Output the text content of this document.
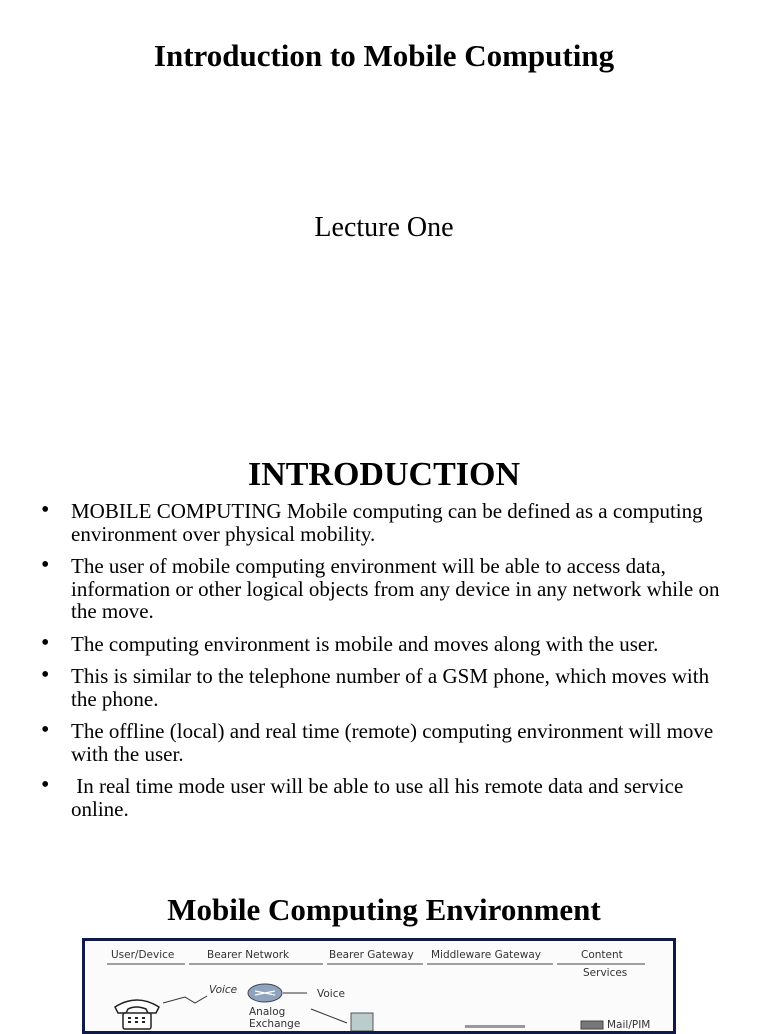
Introduction to Mobile Computing
Lecture One
INTRODUCTION
• MOBILE COMPUTING Mobile computing can be defined as a computing environment over physical mobility.
• The user of mobile computing environment will be able to access data, information or other logical objects from any device in any network while on the move.
• The computing environment is mobile and moves along with the user.
• This is similar to the telephone number of a GSM phone, which moves with the phone.
• The offline (local) and real time (remote) computing environment will move with the user.
• In real time mode user will be able to use all his remote data and service online.
Mobile Computing Environment
User/Device	Bearer Network	Bearer Gateway Middleware Gateway	Content
Services
Voice	Voice
Analog
Exchange	Mail/PIM
